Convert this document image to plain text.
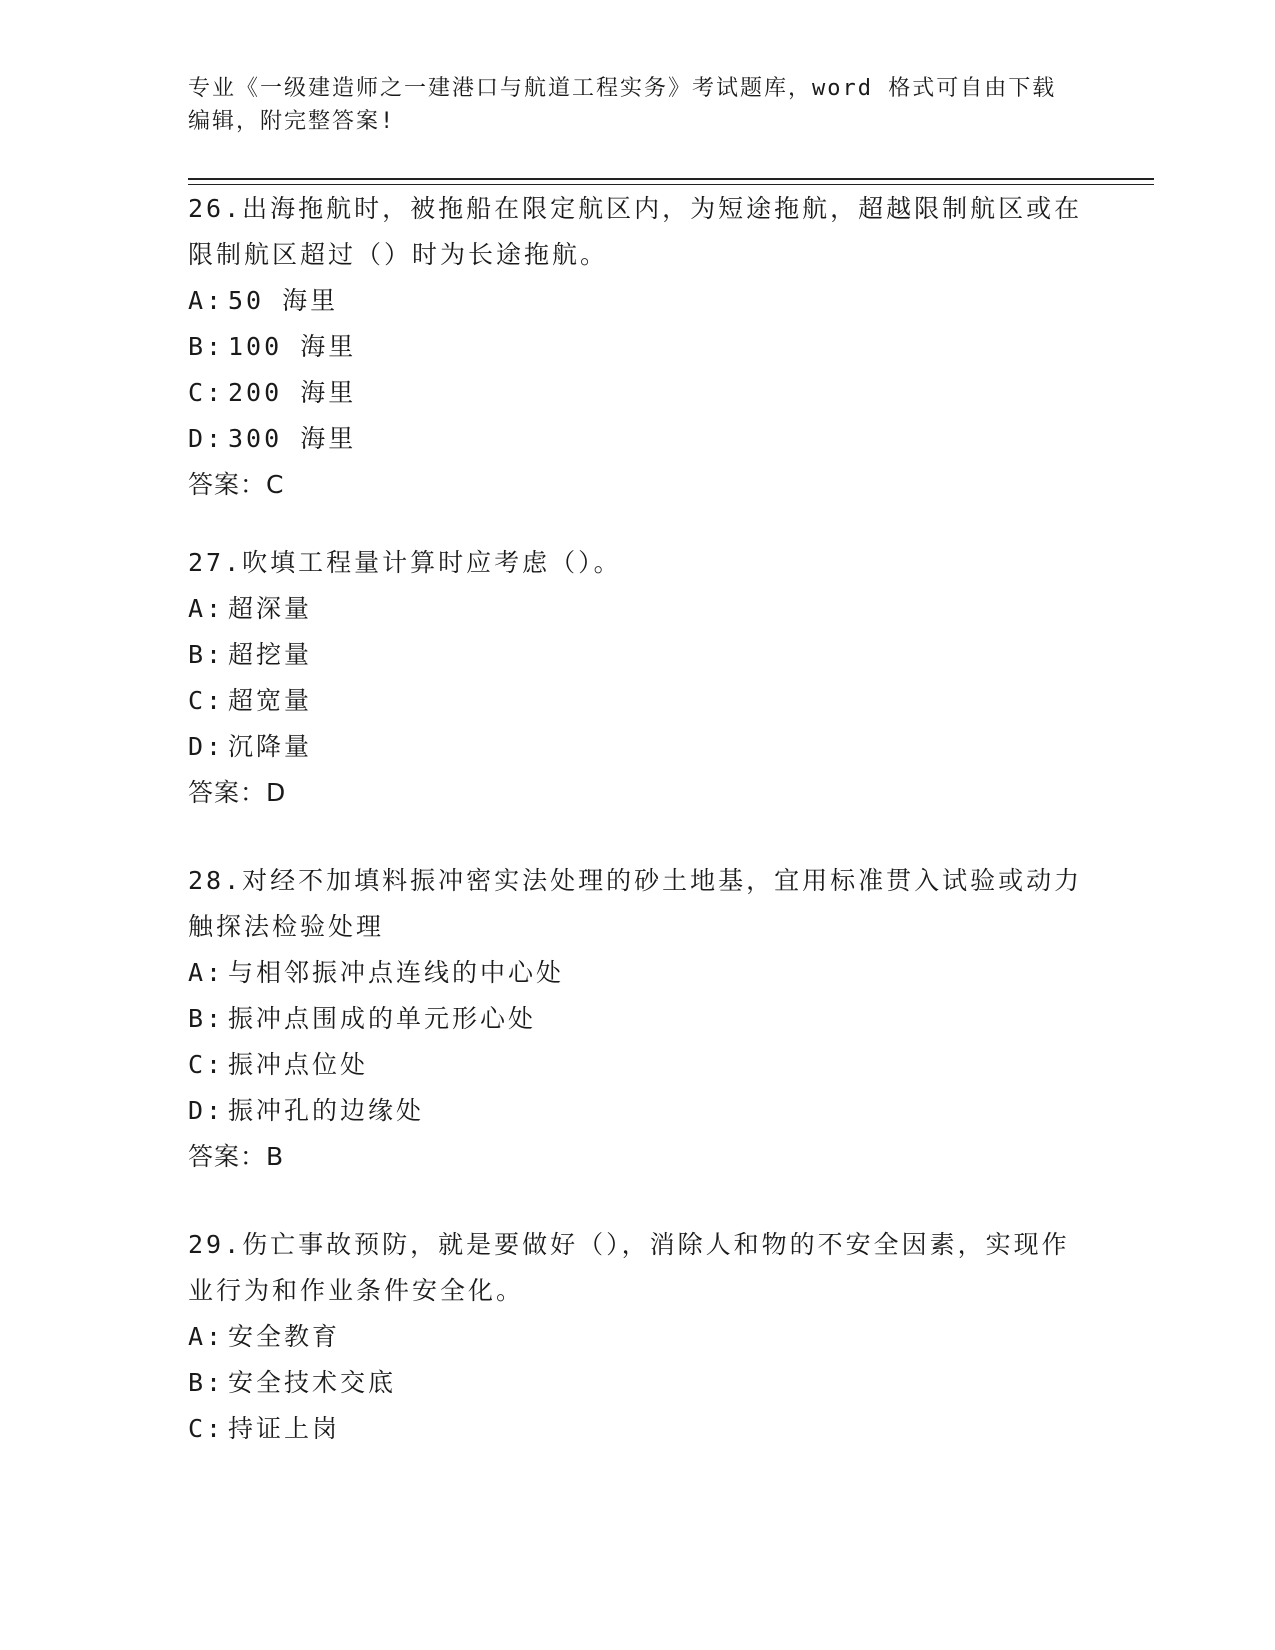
专业《一级建造师之一建港口与航道工程实务》考试题库，word 格式可自由下载
编辑，附完整答案!

26.出海拖航时，被拖船在限定航区内，为短途拖航，超越限制航区或在限制航区超过（）时为长途拖航。

A: 50 海里

B: 100 海里

C: 200 海里

D: 300 海里

答案：C

27.吹填工程量计算时应考虑（）。

A: 超深量

B: 超挖量

C: 超宽量

D: 沉降量

答案：D

28.对经不加填料振冲密实法处理的砂土地基，宜用标准贯入试验或动力触探法检验处理

A: 与相邻振冲点连线的中心处

B: 振冲点围成的单元形心处

C: 振冲点位处

D: 振冲孔的边缘处

答案：B

29.伤亡事故预防，就是要做好（），消除人和物的不安全因素，实现作业行为和作业条件安全化。

A: 安全教育

B: 安全技术交底

C: 持证上岗
